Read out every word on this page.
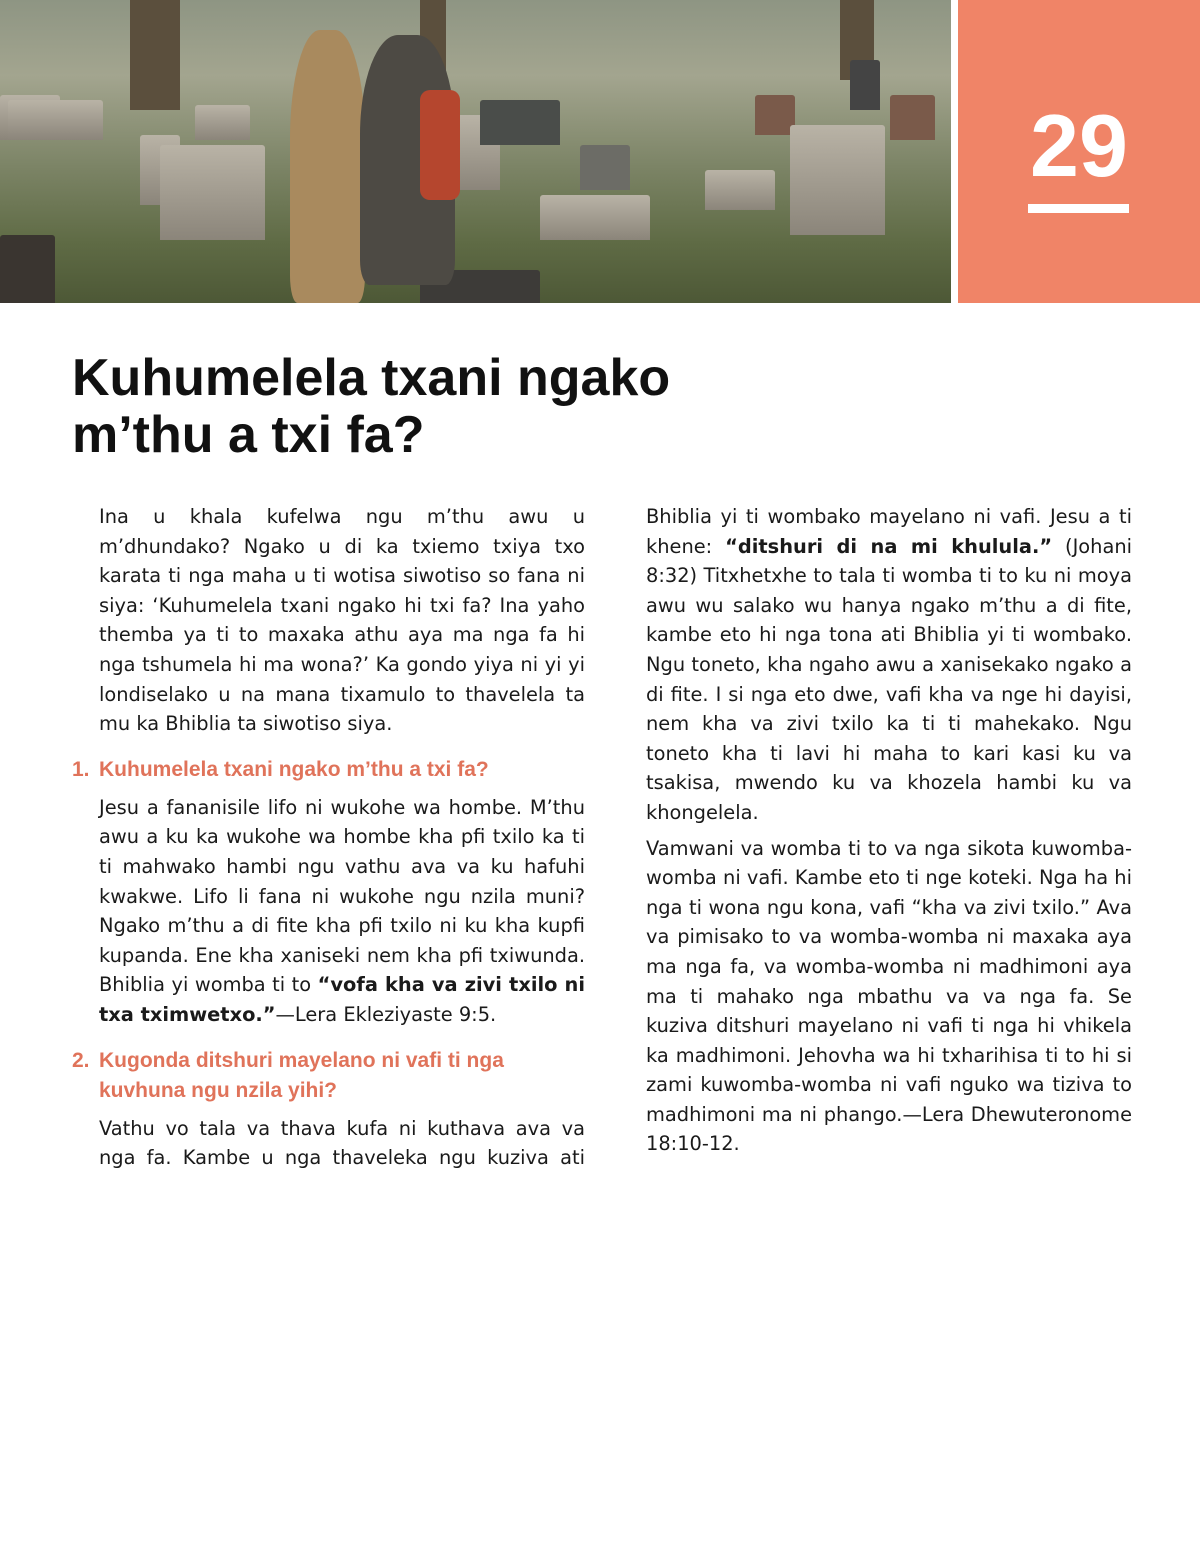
29
Kuhumelela txani ngako m’thu a txi fa?

Ina u khala kufelwa ngu m’thu awu u m’dhundako? Ngako u di ka txiemo txiya txo karata ti nga maha u ti wotisa siwotiso so fana ni siya: ‘Kuhumelela txani ngako hi txi fa? Ina yaho themba ya ti to maxaka athu aya ma nga fa hi nga tshumela hi ma wona?’ Ka gondo yiya ni yi yi londiselako u na mana tixamulo to thavelela ta mu ka Bhiblia ta siwotiso siya.

1. Kuhumelela txani ngako m’thu a txi fa?

Jesu a fananisile lifo ni wukohe wa hombe. M’thu awu a ku ka wukohe wa hombe kha pfi txilo ka ti ti mahwako hambi ngu vathu ava va ku hafuhi kwakwe. Lifo li fana ni wukohe ngu nzila muni? Ngako m’thu a di fite kha pfi txilo ni ku kha kupfi kupanda. Ene kha xaniseki nem kha pfi txiwunda. Bhiblia yi womba ti to “vofa kha va zivi txilo ni txa tximwetxo.”—Lera Ekleziyaste 9:5.

2. Kugonda ditshuri mayelano ni vafi ti nga kuvhuna ngu nzila yihi?

Vathu vo tala va thava kufa ni kuthava ava va nga fa. Kambe u nga thaveleka ngu kuziva ati Bhiblia yi ti wombako mayelano ni vafi. Jesu a ti khene: “ditshuri di na mi khulula.” (Johani 8:32) Titxhetxhe to tala ti womba ti to ku ni moya awu wu salako wu hanya ngako m’thu a di fite, kambe eto hi nga tona ati Bhiblia yi ti wombako. Ngu toneto, kha ngaho awu a xanisekako ngako a di fite. I si nga eto dwe, vafi kha va nge hi dayisi, nem kha va zivi txilo ka ti ti mahekako. Ngu toneto kha ti lavi hi maha to kari kasi ku va tsakisa, mwendo ku va khozela hambi ku va khongelela.

Vamwani va womba ti to va nga sikota kuwomba-womba ni vafi. Kambe eto ti nge koteki. Nga ha hi nga ti wona ngu kona, vafi “kha va zivi txilo.” Ava va pimisako to va womba-womba ni maxaka aya ma nga fa, va womba-womba ni madhimoni aya ma ti mahako nga mbathu va va nga fa. Se kuziva ditshuri mayelano ni vafi ti nga hi vhikela ka madhimoni. Jehovha wa hi txharihisa ti to hi si zami kuwomba-womba ni vafi nguko wa tiziva to madhimoni ma ni phango.—Lera Dhewuteronome 18:10-12.
